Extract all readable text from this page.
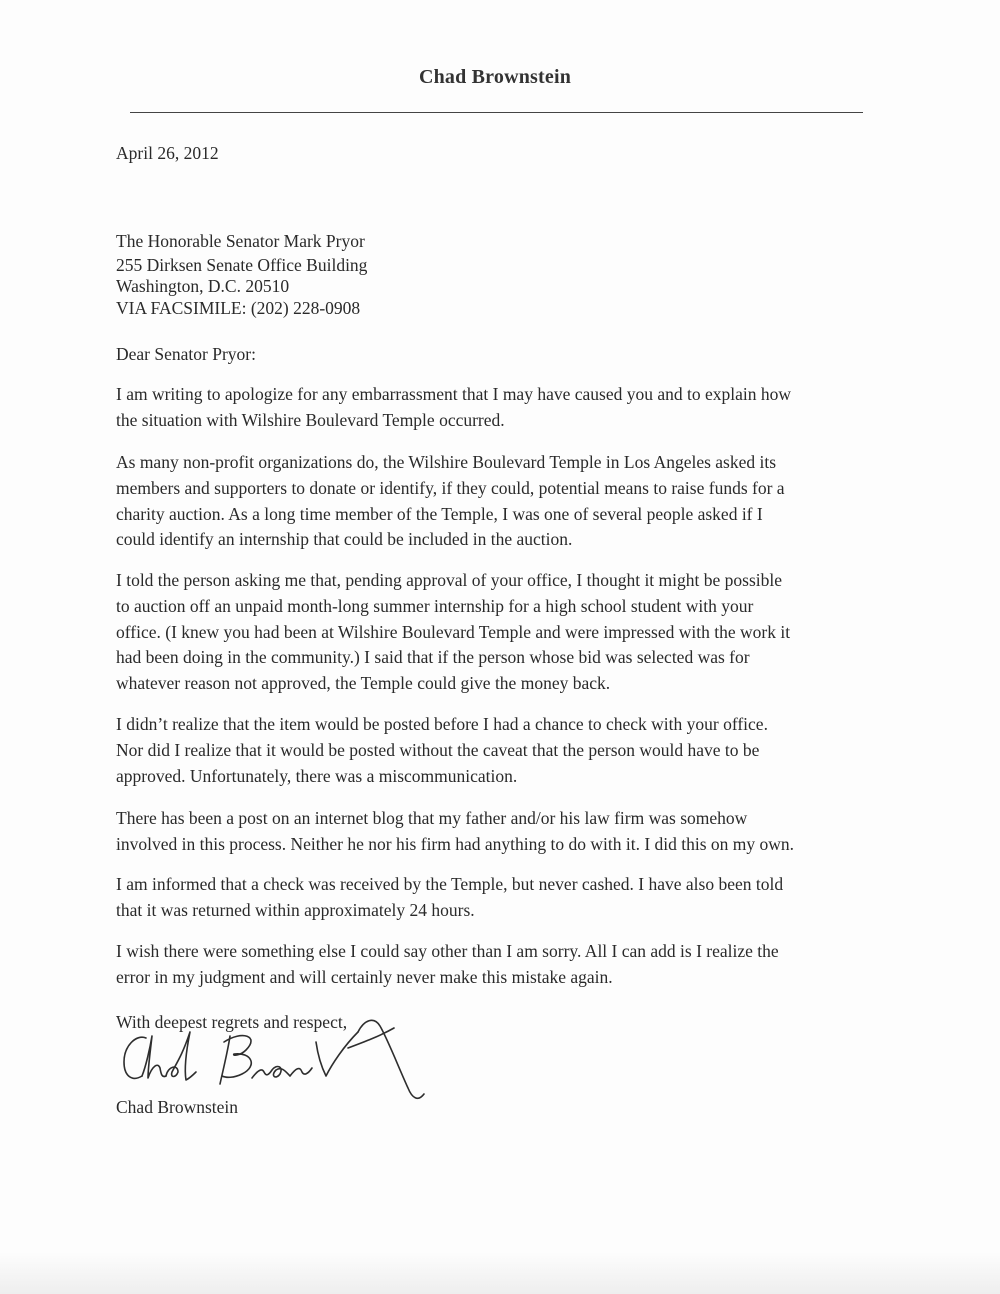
Chad Brownstein
April 26, 2012
The Honorable Senator Mark Pryor
255 Dirksen Senate Office Building
Washington, D.C. 20510
VIA FACSIMILE: (202) 228-0908
Dear Senator Pryor:
I am writing to apologize for any embarrassment that I may have caused you and to explain how
the situation with Wilshire Boulevard Temple occurred.
As many non-profit organizations do, the Wilshire Boulevard Temple in Los Angeles asked its
members and supporters to donate or identify, if they could, potential means to raise funds for a
charity auction. As a long time member of the Temple, I was one of several people asked if I
could identify an internship that could be included in the auction.
I told the person asking me that, pending approval of your office, I thought it might be possible
to auction off an unpaid month-long summer internship for a high school student with your
office. (I knew you had been at Wilshire Boulevard Temple and were impressed with the work it
had been doing in the community.) I said that if the person whose bid was selected was for
whatever reason not approved, the Temple could give the money back.
I didn’t realize that the item would be posted before I had a chance to check with your office.
Nor did I realize that it would be posted without the caveat that the person would have to be
approved. Unfortunately, there was a miscommunication.
There has been a post on an internet blog that my father and/or his law firm was somehow
involved in this process. Neither he nor his firm had anything to do with it. I did this on my own.
I am informed that a check was received by the Temple, but never cashed. I have also been told
that it was returned within approximately 24 hours.
I wish there were something else I could say other than I am sorry. All I can add is I realize the
error in my judgment and will certainly never make this mistake again.
With deepest regrets and respect,
Chad Brownstein
